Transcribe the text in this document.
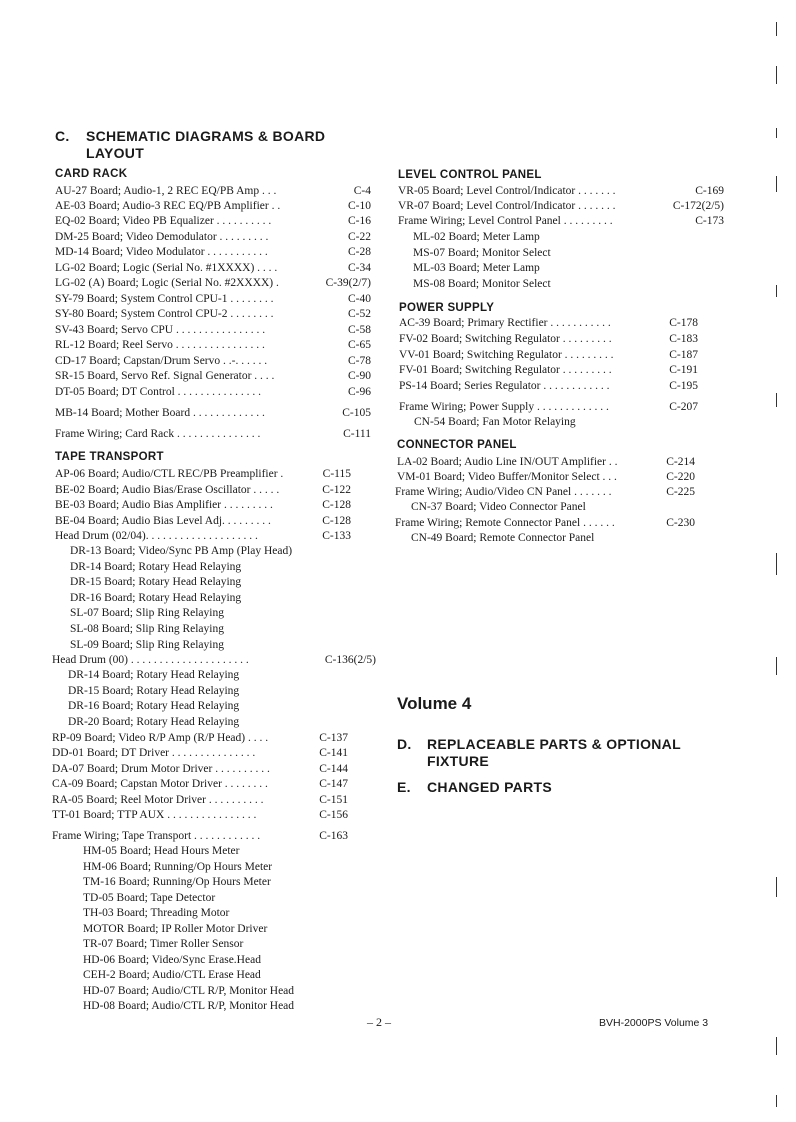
C. SCHEMATIC DIAGRAMS & BOARD
LAYOUT
CARD RACK
AU-27 Board; Audio-1, 2 REC EQ/PB Amp . . .	C-4
AE-03 Board; Audio-3 REC EQ/PB Amplifier . .	C-10
EQ-02 Board; Video PB Equalizer . . . . . . . . . .	C-16
DM-25 Board; Video Demodulator . . . . . . . . .	C-22
MD-14 Board; Video Modulator . . . . . . . . . . .	C-28
LG-02 Board; Logic (Serial No. #1XXXX) . . . .	C-34
LG-02 (A) Board; Logic (Serial No. #2XXXX) .	C-39(2/7)
SY-79 Board; System Control CPU-1 . . . . . . . .	C-40
SY-80 Board; System Control CPU-2 . . . . . . . .	C-52
SV-43 Board; Servo CPU . . . . . . . . . . . . . . . .	C-58
RL-12 Board; Reel Servo . . . . . . . . . . . . . . . .	C-65
CD-17 Board; Capstan/Drum Servo . .-. . . . . .	C-78
SR-15 Board, Servo Ref. Signal Generator . . . .	C-90
DT-05 Board; DT Control . . . . . . . . . . . . . . .	C-96
MB-14 Board; Mother Board . . . . . . . . . . . . .	C-105
Frame Wiring; Card Rack . . . . . . . . . . . . . . .	C-111
TAPE TRANSPORT
AP-06 Board; Audio/CTL REC/PB Preamplifier .	C-115
BE-02 Board; Audio Bias/Erase Oscillator . . . . .	C-122
BE-03 Board; Audio Bias Amplifier . . . . . . . . .	C-128
BE-04 Board; Audio Bias Level Adj. . . . . . . . .	C-128
Head Drum (02/04). . . . . . . . . . . . . . . . . . . .	C-133
DR-13 Board; Video/Sync PB Amp (Play Head)
DR-14 Board; Rotary Head Relaying
DR-15 Board; Rotary Head Relaying
DR-16 Board; Rotary Head Relaying
SL-07 Board; Slip Ring Relaying
SL-08 Board; Slip Ring Relaying
SL-09 Board; Slip Ring Relaying
Head Drum (00) . . . . . . . . . . . . . . . . . . . . .	C-136(2/5)
DR-14 Board; Rotary Head Relaying
DR-15 Board; Rotary Head Relaying
DR-16 Board; Rotary Head Relaying
DR-20 Board; Rotary Head Relaying
RP-09 Board; Video R/P Amp (R/P Head) . . . .	C-137
DD-01 Board; DT Driver . . . . . . . . . . . . . . .	C-141
DA-07 Board; Drum Motor Driver . . . . . . . . . .	C-144
CA-09 Board; Capstan Motor Driver . . . . . . . .	C-147
RA-05 Board; Reel Motor Driver . . . . . . . . . .	C-151
TT-01 Board; TTP AUX . . . . . . . . . . . . . . . .	C-156
Frame Wiring; Tape Transport . . . . . . . . . . . .	C-163
HM-05 Board; Head Hours Meter
HM-06 Board; Running/Op Hours Meter
TM-16 Board; Running/Op Hours Meter
TD-05 Board; Tape Detector
TH-03 Board; Threading Motor
MOTOR Board; IP Roller Motor Driver
TR-07 Board; Timer Roller Sensor
HD-06 Board; Video/Sync Erase.Head
CEH-2 Board; Audio/CTL Erase Head
HD-07 Board; Audio/CTL R/P, Monitor Head
HD-08 Board; Audio/CTL R/P, Monitor Head
LEVEL CONTROL PANEL
VR-05 Board; Level Control/Indicator . . . . . . .	C-169
VR-07 Board; Level Control/Indicator . . . . . . .	C-172(2/5)
Frame Wiring; Level Control Panel . . . . . . . . .	C-173
ML-02 Board; Meter Lamp
MS-07 Board; Monitor Select
ML-03 Board; Meter Lamp
MS-08 Board; Monitor Select
POWER SUPPLY
AC-39 Board; Primary Rectifier . . . . . . . . . . .	C-178
FV-02 Board; Switching Regulator . . . . . . . . .	C-183
VV-01 Board; Switching Regulator . . . . . . . . .	C-187
FV-01 Board; Switching Regulator . . . . . . . . .	C-191
PS-14 Board; Series Regulator . . . . . . . . . . . .	C-195
Frame Wiring; Power Supply . . . . . . . . . . . . .	C-207
CN-54 Board; Fan Motor Relaying
CONNECTOR PANEL
LA-02 Board; Audio Line IN/OUT Amplifier . .	C-214
VM-01 Board; Video Buffer/Monitor Select . . .	C-220
Frame Wiring; Audio/Video CN Panel . . . . . . .	C-225
CN-37 Board; Video Connector Panel
Frame Wiring; Remote Connector Panel . . . . . .	C-230
CN-49 Board; Remote Connector Panel
Volume 4
D. REPLACEABLE PARTS & OPTIONAL
FIXTURE
E. CHANGED PARTS
– 2 –	BVH-2000PS Volume 3
